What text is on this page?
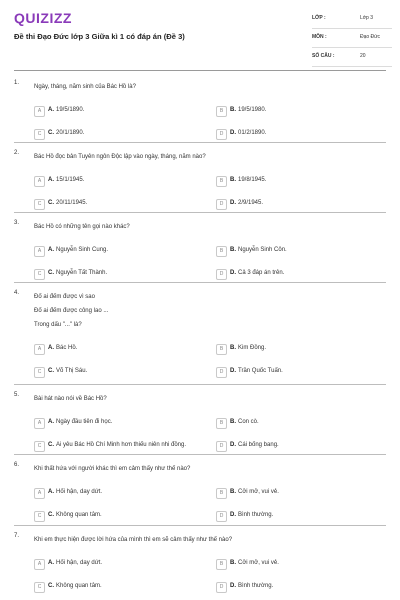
QUIZIZZ
Đề thi Đạo Đức lớp 3 Giữa kì 1 có đáp án (Đề 3)
LỚP :	Lớp 3
MÔN :	Đạo Đức
SỐ CÂU :	20
1.
Ngày, tháng, năm sinh của Bác Hồ là?
A	A. 19/5/1890.	B	B. 19/5/1980.
C	C. 20/1/1890.	D	D. 01/2/1890.
2.
Bác Hồ đọc bản Tuyên ngôn Độc lập vào ngày, tháng, năm nào?
A	A. 15/1/1945.	B	B. 19/8/1945.
C	C. 20/11/1945.	D	D. 2/9/1945.
3.
Bác Hồ có những tên gọi nào khác?
A	A. Nguyễn Sinh Cung.	B	B. Nguyễn Sinh Côn.
C	C. Nguyễn Tất Thành.	D	D. Cả 3 đáp án trên.
4.
Đố ai đếm được vì sao
Đố ai đếm được công lao ...
Trong dấu "..." là?
A	A. Bác Hồ.	B	B. Kim Đồng.
C	C. Võ Thị Sáu.	D	D. Trần Quốc Tuấn.
5.
Bài hát nào nói về Bác Hồ?
A	A. Ngày đầu tiên đi học.	B	B. Con cò.
C	C. Ai yêu Bác Hồ Chí Minh hơn thiếu niên nhi đồng.	D	D. Cái bống bang.
6.
Khi thất hứa với người khác thì em cảm thấy như thế nào?
A	A. Hối hận, day dứt.	B	B. Cởi mở, vui vẻ.
C	C. Không quan tâm.	D	D. Bình thường.
7.
Khi em thực hiện được lời hứa của mình thì em sẽ cảm thấy như thế nào?
A	A. Hối hận, day dứt.	B	B. Cởi mở, vui vẻ.
C	C. Không quan tâm.	D	D. Bình thường.
